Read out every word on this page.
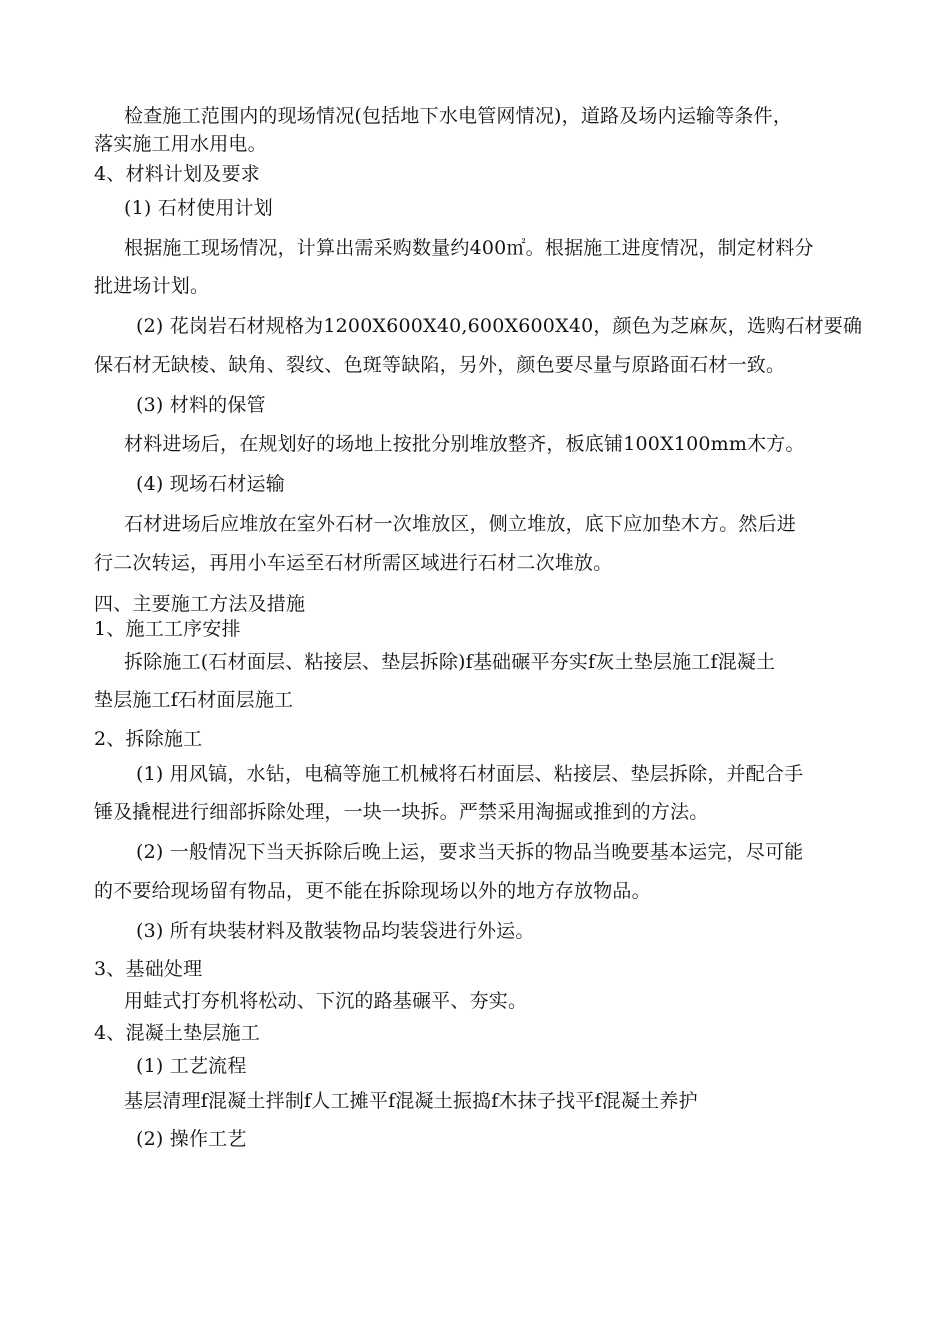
检查施工范围内的现场情况(包括地下水电管网情况)，道路及场内运输等条件，
落实施工用水用电。
4、材料计划及要求
(1) 石材使用计划
根据施工现场情况，计算出需采购数量约400㎡。根据施工进度情况，制定材料分
批进场计划。
(2) 花岗岩石材规格为1200X600X40,600X600X40，颜色为芝麻灰，选购石材要确
保石材无缺棱、缺角、裂纹、色斑等缺陷，另外，颜色要尽量与原路面石材一致。
(3) 材料的保管
材料进场后，在规划好的场地上按批分别堆放整齐，板底铺100X100mm木方。
(4) 现场石材运输
石材进场后应堆放在室外石材一次堆放区，侧立堆放，底下应加垫木方。然后进
行二次转运，再用小车运至石材所需区域进行石材二次堆放。
四、主要施工方法及措施
1、施工工序安排
拆除施工(石材面层、粘接层、垫层拆除)f基础碾平夯实f灰土垫层施工f混凝土
垫层施工f石材面层施工
2、拆除施工
(1) 用风镐，水钻，电稿等施工机械将石材面层、粘接层、垫层拆除，并配合手
锤及撬棍进行细部拆除处理，一块一块拆。严禁采用淘掘或推到的方法。
(2) 一般情况下当天拆除后晚上运，要求当天拆的物品当晚要基本运完，尽可能
的不要给现场留有物品，更不能在拆除现场以外的地方存放物品。
(3) 所有块装材料及散装物品均装袋进行外运。
3、基础处理
用蛙式打夯机将松动、下沉的路基碾平、夯实。
4、混凝土垫层施工
(1) 工艺流程
基层清理f混凝土拌制f人工摊平f混凝土振捣f木抹子找平f混凝土养护
(2) 操作工艺
